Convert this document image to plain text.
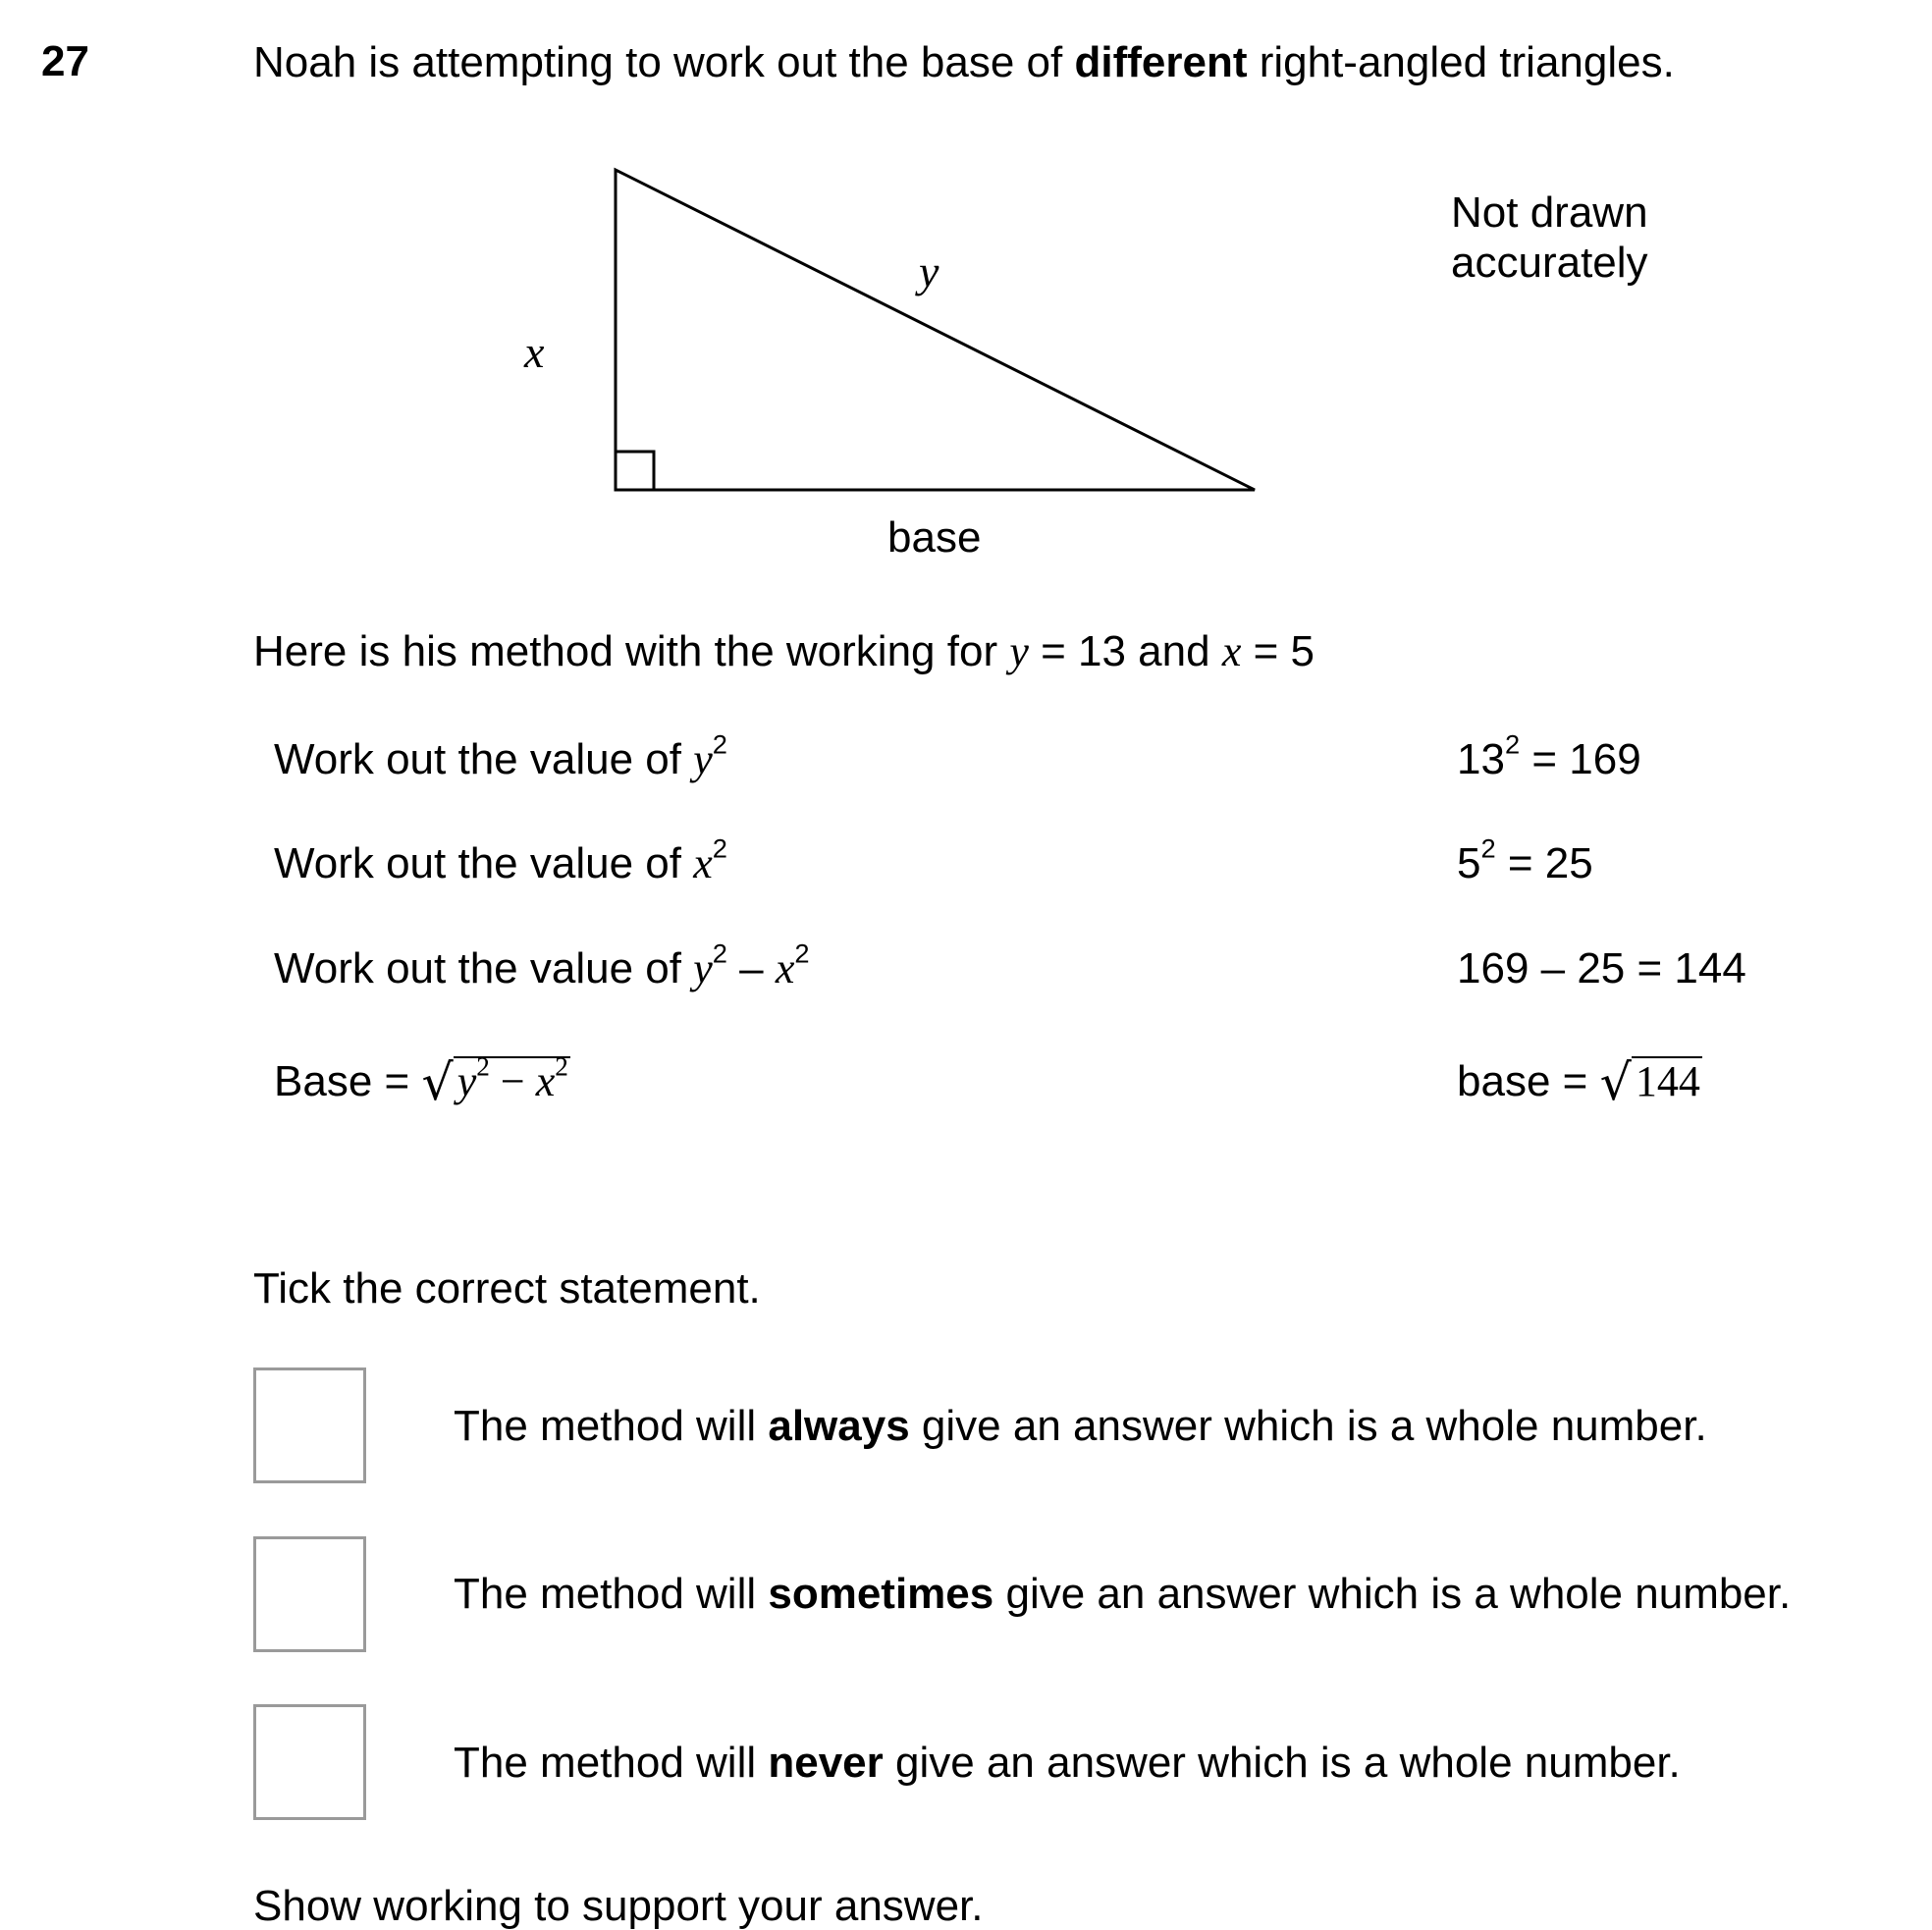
27	Noah is attempting to work out the base of different right-angled triangles.
x
y
base
Not drawn
accurately
Here is his method with the working for y = 13 and x = 5
Work out the value of $y^2$	$13^2 = 169$
Work out the value of $x^2$	$5^2 = 25$
Work out the value of $y^2 - x^2$	169 – 25 = 144
Base = $√y^2 - x^2$	base = √144
Tick the correct statement.
The method will always give an answer which is a whole number.
The method will sometimes give an answer which is a whole number.
The method will never give an answer which is a whole number.
Show working to support your answer.
